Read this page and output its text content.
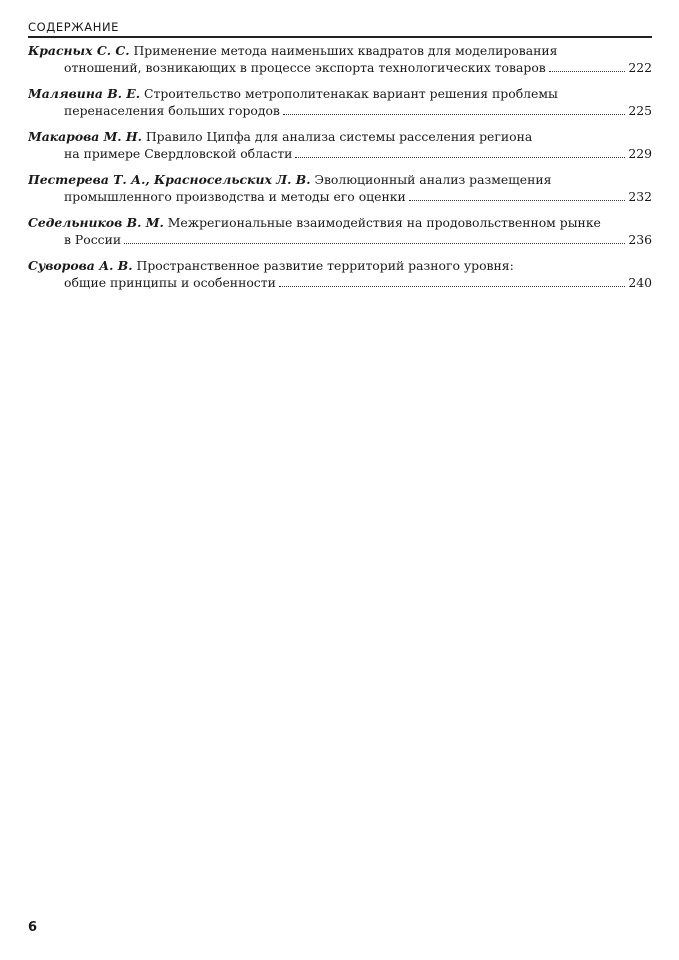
СОДЕРЖАНИЕ
Красных С. С. Применение метода наименьших квадратов для моделирования
отношений, возникающих в процессе экспорта технологических товаров	222
Малявина В. Е. Строительство метрополитенакак вариант решения проблемы
перенаселения больших городов	225
Макарова М. Н. Правило Ципфа для анализа системы расселения региона
на примере Свердловской области	229
Пестерева Т. А., Красносельских Л. В. Эволюционный анализ размещения
промышленного производства и методы его оценки	232
Седельников В. М. Межрегиональные взаимодействия на продовольственном рынке
в России	236
Суворова А. В. Пространственное развитие территорий разного уровня:
общие принципы и особенности	240
6
